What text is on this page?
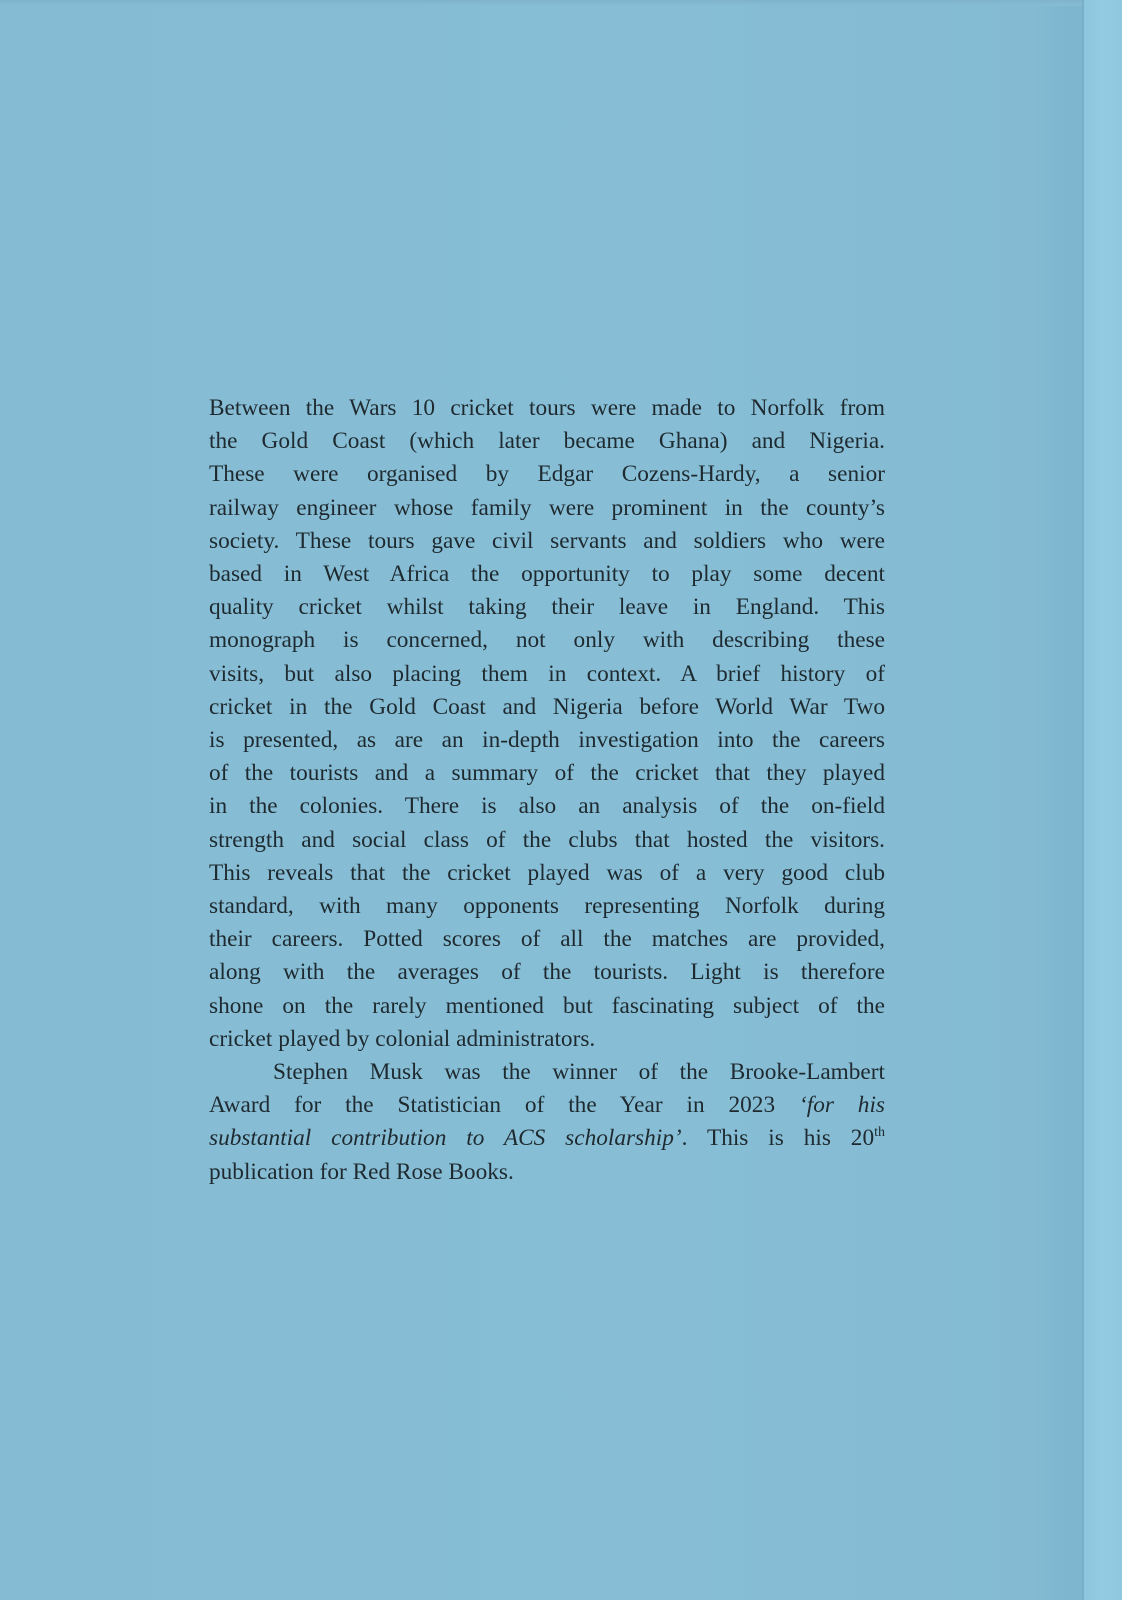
Between the Wars 10 cricket tours were made to Norfolk from
the Gold Coast (which later became Ghana) and Nigeria.
These were organised by Edgar Cozens-Hardy, a senior
railway engineer whose family were prominent in the county’s
society. These tours gave civil servants and soldiers who were
based in West Africa the opportunity to play some decent
quality cricket whilst taking their leave in England. This
monograph is concerned, not only with describing these
visits, but also placing them in context. A brief history of
cricket in the Gold Coast and Nigeria before World War Two
is presented, as are an in-depth investigation into the careers
of the tourists and a summary of the cricket that they played
in the colonies. There is also an analysis of the on-field
strength and social class of the clubs that hosted the visitors.
This reveals that the cricket played was of a very good club
standard, with many opponents representing Norfolk during
their careers. Potted scores of all the matches are provided,
along with the averages of the tourists. Light is therefore
shone on the rarely mentioned but fascinating subject of the
cricket played by colonial administrators.

Stephen Musk was the winner of the Brooke-Lambert
Award for the Statistician of the Year in 2023 ‘for his
substantial contribution to ACS scholarship’. This is his 20th
publication for Red Rose Books.
